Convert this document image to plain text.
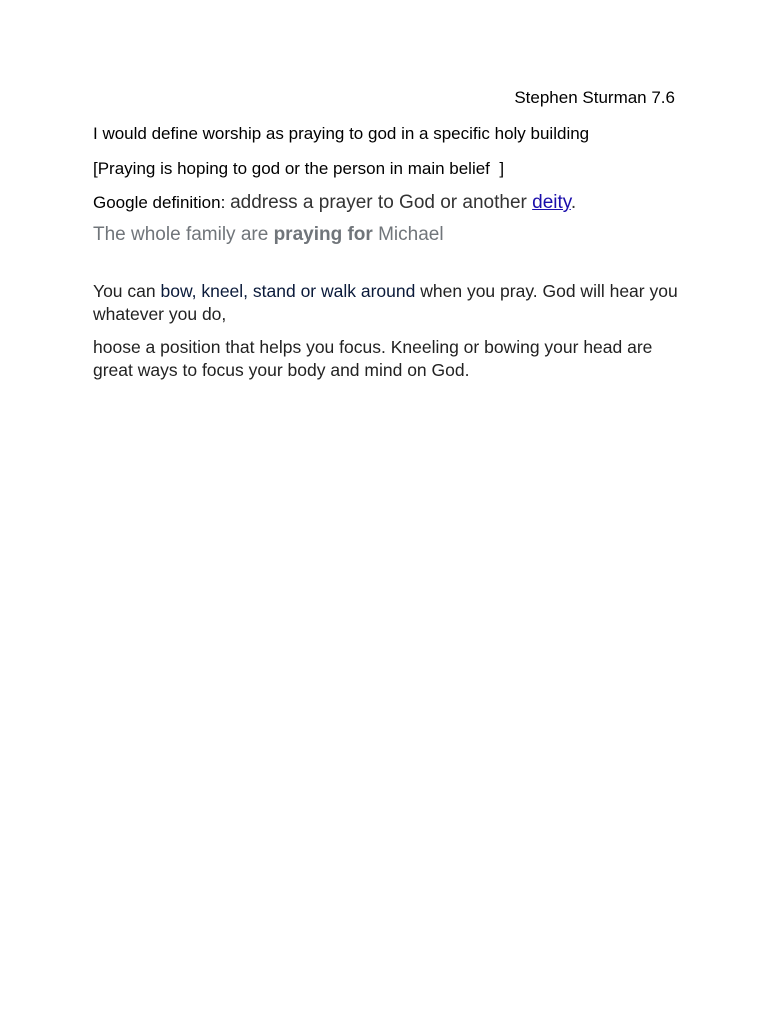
Stephen Sturman 7.6
I would define worship as praying to god in a specific holy building
[Praying is hoping to god or the person in main belief  ]
Google definition: address a prayer to God or another deity.
The whole family are praying for Michael
You can bow, kneel, stand or walk around when you pray. God will hear you whatever you do,
hoose a position that helps you focus. Kneeling or bowing your head are great ways to focus your body and mind on God.
